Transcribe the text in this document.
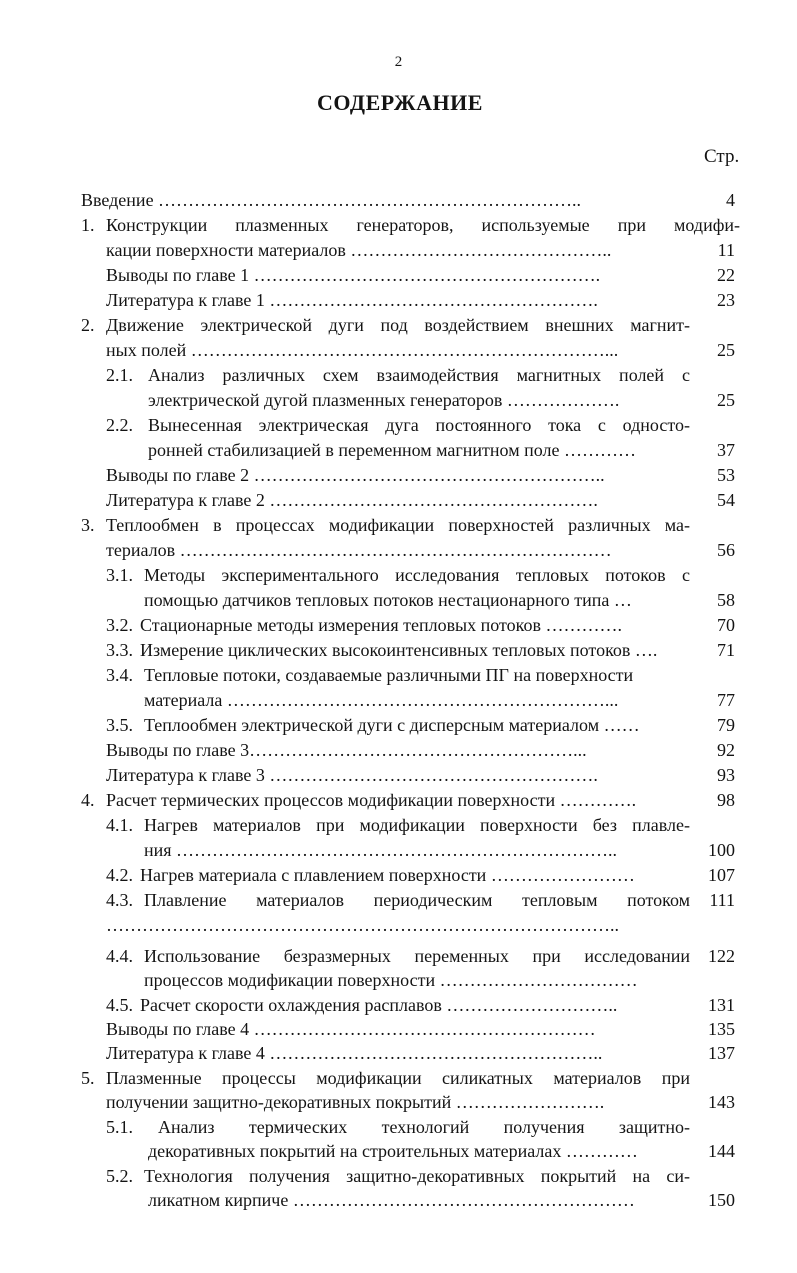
2
СОДЕРЖАНИЕ
Стр.
Введение ……………………………………………………………..	4
1. Конструкции плазменных генераторов, используемые при модифи-
кации поверхности материалов ……………………………………..	11
Выводы по главе 1 ………………………………………………….	22
Литература к главе 1 ……………………………………………….	23
2. Движение электрической дуги под воздействием внешних магнит-
ных полей ……………………………………………………………...	25
2.1. Анализ различных схем взаимодействия магнитных полей с
электрической дугой плазменных генераторов ……………….	25
2.2. Вынесенная электрическая дуга постоянного тока с односто-
ронней стабилизацией в переменном магнитном поле …………	37
Выводы по главе 2 …………………………………………………..	53
Литература к главе 2 ……………………………………………….	54
3. Теплообмен в процессах модификации поверхностей различных ма-
териалов ………………………………………………………………	56
3.1. Методы экспериментального исследования тепловых потоков с
помощью датчиков тепловых потоков нестационарного типа …	58
3.2. Стационарные методы измерения тепловых потоков ………….	70
3.3. Измерение циклических высокоинтенсивных тепловых потоков ….	71
3.4. Тепловые потоки, создаваемые различными ПГ на поверхности
материала ………………………………………………………...	77
3.5. Теплообмен электрической дуги с дисперсным материалом ……	79
Выводы по главе 3………………………………………………...	92
Литература к главе 3 ……………………………………………….	93
4. Расчет термических процессов модификации поверхности ………….	98
4.1. Нагрев материалов при модификации поверхности без плавле-
ния ………………………………………………………………..	100
4.2. Нагрев материала с плавлением поверхности ……………………	107
4.3. Плавление материалов периодическим тепловым потоком 111
…………………………………………………………………………..
4.4. Использование безразмерных переменных при исследовании 122
процессов модификации поверхности ……………………………
4.5. Расчет скорости охлаждения расплавов ………………………..	131
Выводы по главе 4 …………………………………………………	135
Литература к главе 4 ………………………………………………..	137
5. Плазменные процессы модификации силикатных материалов при
получении защитно-декоративных покрытий …………………….	143
5.1. Анализ термических технологий получения защитно-
декоративных покрытий на строительных материалах …………	144
5.2. Технология получения защитно-декоративных покрытий на си-
ликатном кирпиче …………………………………………………	150
